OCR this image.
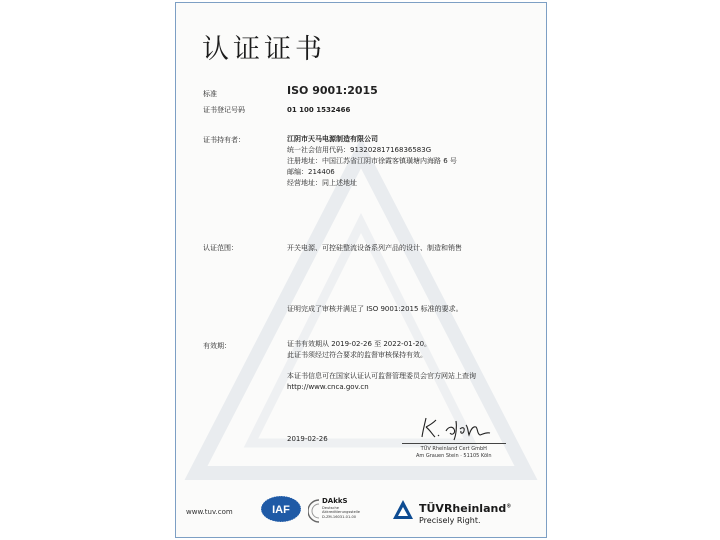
认证证书
标准	ISO 9001:2015
证书登记号码	01 100 1532466
证书持有者：	江阴市天马电源制造有限公司
统一社会信用代码：91320281716836583G
注册地址：中国江苏省江阴市徐霞客镇璜塘内海路 6 号
邮编：214406
经营地址：同上述地址
认证范围：	开关电源、可控硅整流设备系列产品的设计、制造和销售
证明完成了审核并满足了 ISO 9001:2015 标准的要求。
有效期：	证书有效期从 2019-02-26 至 2022-01-20。
此证书须经过符合要求的监督审核保持有效。
本证书信息可在国家认证认可监督管理委员会官方网站上查询
http://www.cnca.gov.cn
2019-02-26
TÜV Rheinland Cert GmbH
Am Grauen Stein · 51105 Köln
www.tuv.com	IAF
DAkkS
Deutsche
Akkreditierungsstelle
D-ZM-16031-01-00
TÜVRheinland®
Precisely Right.
